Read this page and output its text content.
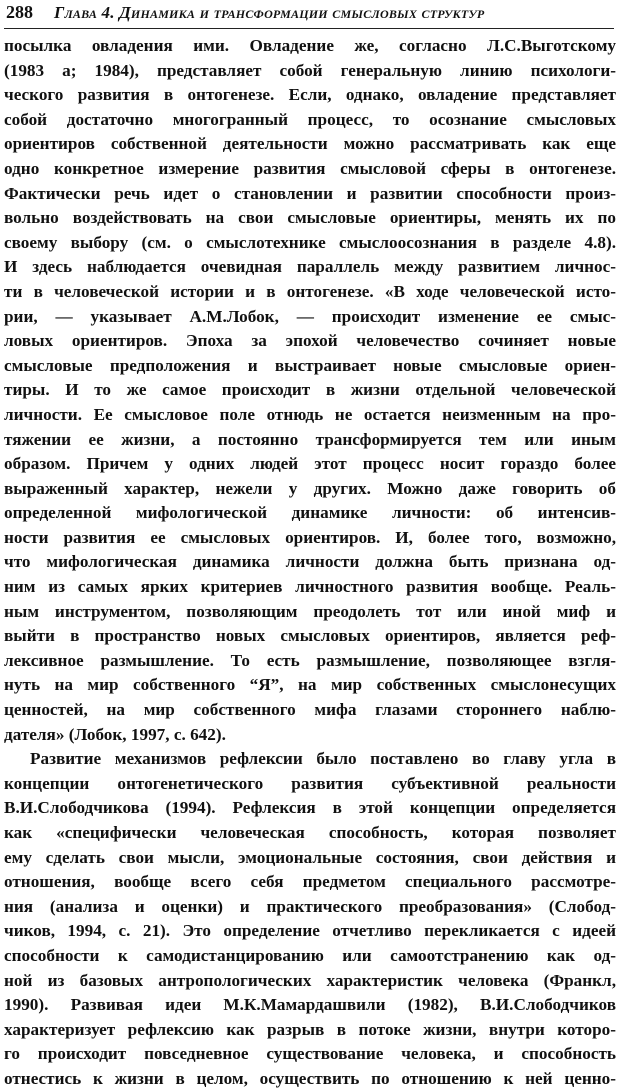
288	Глава 4. Динамика и трансформации смысловых структур
посылка овладения ими. Овладение же, согласно Л.С.Выготскому
(1983 а; 1984), представляет собой генеральную линию психологи-
ческого развития в онтогенезе. Если, однако, овладение представляет
собой достаточно многогранный процесс, то осознание смысловых
ориентиров собственной деятельности можно рассматривать как еще
одно конкретное измерение развития смысловой сферы в онтогенезе.
Фактически речь идет о становлении и развитии способности произ-
вольно воздействовать на свои смысловые ориентиры, менять их по
своему выбору (см. о смыслотехнике смыслоосознания в разделе 4.8).
И здесь наблюдается очевидная параллель между развитием личнос-
ти в человеческой истории и в онтогенезе. «В ходе человеческой исто-
рии, — указывает А.М.Лобок, — происходит изменение ее смыс-
ловых ориентиров. Эпоха за эпохой человечество сочиняет новые
смысловые предположения и выстраивает новые смысловые ориен-
тиры. И то же самое происходит в жизни отдельной человеческой
личности. Ее смысловое поле отнюдь не остается неизменным на про-
тяжении ее жизни, а постоянно трансформируется тем или иным
образом. Причем у одних людей этот процесс носит гораздо более
выраженный характер, нежели у других. Можно даже говорить об
определенной мифологической динамике личности: об интенсив-
ности развития ее смысловых ориентиров. И, более того, возможно,
что мифологическая динамика личности должна быть признана од-
ним из самых ярких критериев личностного развития вообще. Реаль-
ным инструментом, позволяющим преодолеть тот или иной миф и
выйти в пространство новых смысловых ориентиров, является реф-
лексивное размышление. То есть размышление, позволяющее взгля-
нуть на мир собственного “Я”, на мир собственных смыслонесущих
ценностей, на мир собственного мифа глазами стороннего наблю-
дателя» (Лобок, 1997, с. 642).
Развитие механизмов рефлексии было поставлено во главу угла в
концепции онтогенетического развития субъективной реальности
В.И.Слободчикова (1994). Рефлексия в этой концепции определяется
как «специфически человеческая способность, которая позволяет
ему сделать свои мысли, эмоциональные состояния, свои действия и
отношения, вообще всего себя предметом специального рассмотре-
ния (анализа и оценки) и практического преобразования» (Слобод-
чиков, 1994, с. 21). Это определение отчетливо перекликается с идеей
способности к самодистанцированию или самоотстранению как од-
ной из базовых антропологических характеристик человека (Франкл,
1990). Развивая идеи М.К.Мамардашвили (1982), В.И.Слободчиков
характеризует рефлексию как разрыв в потоке жизни, внутри которо-
го происходит повседневное существование человека, и способность
отнестись к жизни в целом, осуществить по отношению к ней ценно-
